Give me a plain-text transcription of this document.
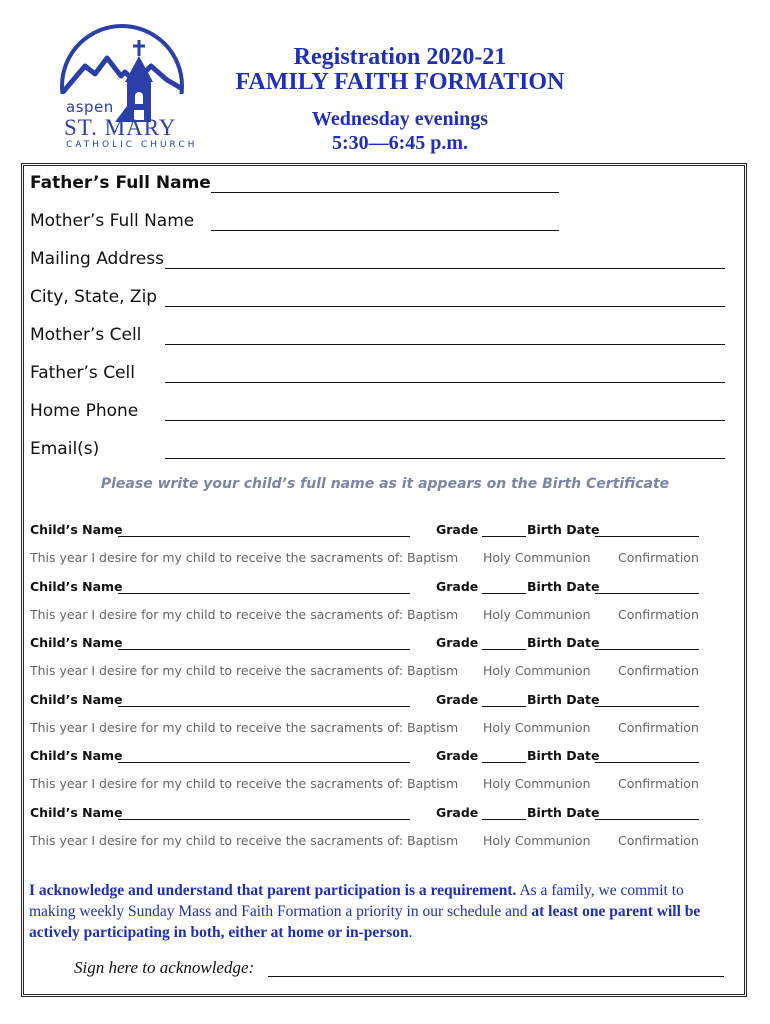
aspen
ST. MARY
CATHOLIC CHURCH
Registration 2020-21
FAMILY FAITH FORMATION
Wednesday evenings
5:30—6:45 p.m.
Father’s Full Name
Mother’s Full Name
Mailing Address
City, State, Zip
Mother’s Cell
Father’s Cell
Home Phone
Email(s)
Please write your child’s full name as it appears on the Birth Certificate
Child’s Name	Grade	Birth Date
This year I desire for my child to receive the sacraments of: Baptism Holy Communion Confirmation
Child’s Name	Grade	Birth Date
This year I desire for my child to receive the sacraments of: Baptism Holy Communion Confirmation
Child’s Name	Grade	Birth Date
This year I desire for my child to receive the sacraments of: Baptism Holy Communion Confirmation
Child’s Name	Grade	Birth Date
This year I desire for my child to receive the sacraments of: Baptism Holy Communion Confirmation
Child’s Name	Grade	Birth Date
This year I desire for my child to receive the sacraments of: Baptism Holy Communion Confirmation
Child’s Name	Grade	Birth Date
This year I desire for my child to receive the sacraments of: Baptism Holy Communion Confirmation
I acknowledge and understand that parent participation is a requirement. As a family, we commit to making weekly Sunday Mass and Faith Formation a priority in our schedule and at least one parent will be actively participating in both, either at home or in-person.
Sign here to acknowledge:
